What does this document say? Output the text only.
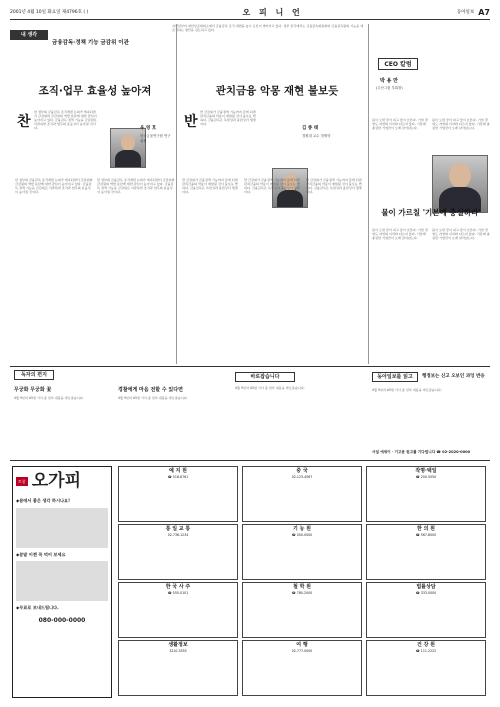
2001년 4월 10일 화요일 제4796호 ( )	오 피 니 언	동아일보 A7
지난달부터 대한상공회의소에서 금융감독 조직 개편을 놓고 토론이 벌어지고 있다. 정부 일각에서는 금융감독위원회와 금융감독원의 기능을 재조정하는 방안을 검토하고 있다.
내 생각
금융감독·정책 기능 금감위 이관
조직·업무 효율성 높아져
찬
한 정부의 금융감독 조직개편 논의가 계속되면서 금감위와 금감원의 역할 분담에 대한 관심이 높아지고 있다. 금융감독 정책 기능을 금감위로 이관하면 조직과 업무의 효율성이 높아질 것이다.
한국금융연구원 연구위원
우 영 호
한 정부의 금융감독 조직개편 논의가 계속되면서 금감위와 금감원의 역할 분담에 대한 관심이 높아지고 있다. 금융감독 정책 기능을 금감위로 이관하면 조직과 업무의 효율성이 높아질 것이다.
한 정부의 금융감독 조직개편 논의가 계속되면서 금감위와 금감원의 역할 분담에 대한 관심이 높아지고 있다. 금융감독 정책 기능을 금감위로 이관하면 조직과 업무의 효율성이 높아질 것이다.
관치금융 악몽 재현 불보듯
반
반 금감위가 금융정책 기능까지 갖게 되면 관치금융의 악몽이 재현될 것이 불보듯 뻔하다. 금융감독은 독립성과 중립성이 생명이다.
김 종 태
경원대 교수 경제학
반 금감위가 금융정책 기능까지 갖게 되면 관치금융의 악몽이 재현될 것이 불보듯 뻔하다. 금융감독은 독립성과 중립성이 생명이다.
반 금감위가 금융정책 기능까지 갖게 되면 관치금융의 악몽이 재현될 것이 불보듯 뻔하다. 금융감독은 독립성과 중립성이 생명이다.
반 금감위가 금융정책 기능까지 갖게 되면 관치금융의 악몽이 재현될 것이 불보듯 뻔하다. 금융감독은 독립성과 중립성이 생명이다.
CEO 칼럼
박 용 만
(두산그룹 부회장)
봄이 오면 꽃이 피고 물이 흐른다. 기업 경영도 자연의 이치와 다르지 않다. 기본에 충실한 기업만이 오래 살아남는다.
봄이 오면 꽃이 피고 물이 흐른다. 기업 경영도 자연의 이치와 다르지 않다. 기본에 충실한 기업만이 오래 살아남는다.
물이 가르칠 '기본에 충실하라'
봄이 오면 꽃이 피고 물이 흐른다. 기업 경영도 자연의 이치와 다르지 않다. 기본에 충실한 기업만이 오래 살아남는다.
봄이 오면 꽃이 피고 물이 흐른다. 기업 경영도 자연의 이치와 다르지 않다. 기본에 충실한 기업만이 오래 살아남는다.
독자의 편지
무궁화 무궁화 꽃
4월 9일자 A5면 기사 중 일부 내용을 바로잡습니다.
경찰에게 마음 전할 수 있다면
4월 9일자 A5면 기사 중 일부 내용을 바로잡습니다.
바로잡습니다
4월 9일자 A5면 기사 중 일부 내용을 바로잡습니다.
동아일보를 읽고	행정보는 신고 오보인 과잉 반응
4월 9일자 A5면 기사 중 일부 내용을 바로잡습니다.
사설 에세이 · 기고문 원고를 기다립니다 ☎ 02-2020-0000
토종 오가피
◆몸에서 좋은 생각 하시나요!
◆분말 이젠 꼭 먹어 보세요
◆무료로 보내드립니다.
080-000-0000
예 지 원
☎ 518-8761
통 일 교 통
02-736-1234
한 국 사 주
☎ 555-0101
생활정보
3210-5555
중 국
02-123-4567
기 능 원
☎ 000-0000
철 학 원
☎ 780-2000
여 행
02-777-0000
작명·택일
☎ 200-5050
한 의 원
☎ 567-8000
법률상담
☎ 333-0000
건 강 원
☎ 111-2222
